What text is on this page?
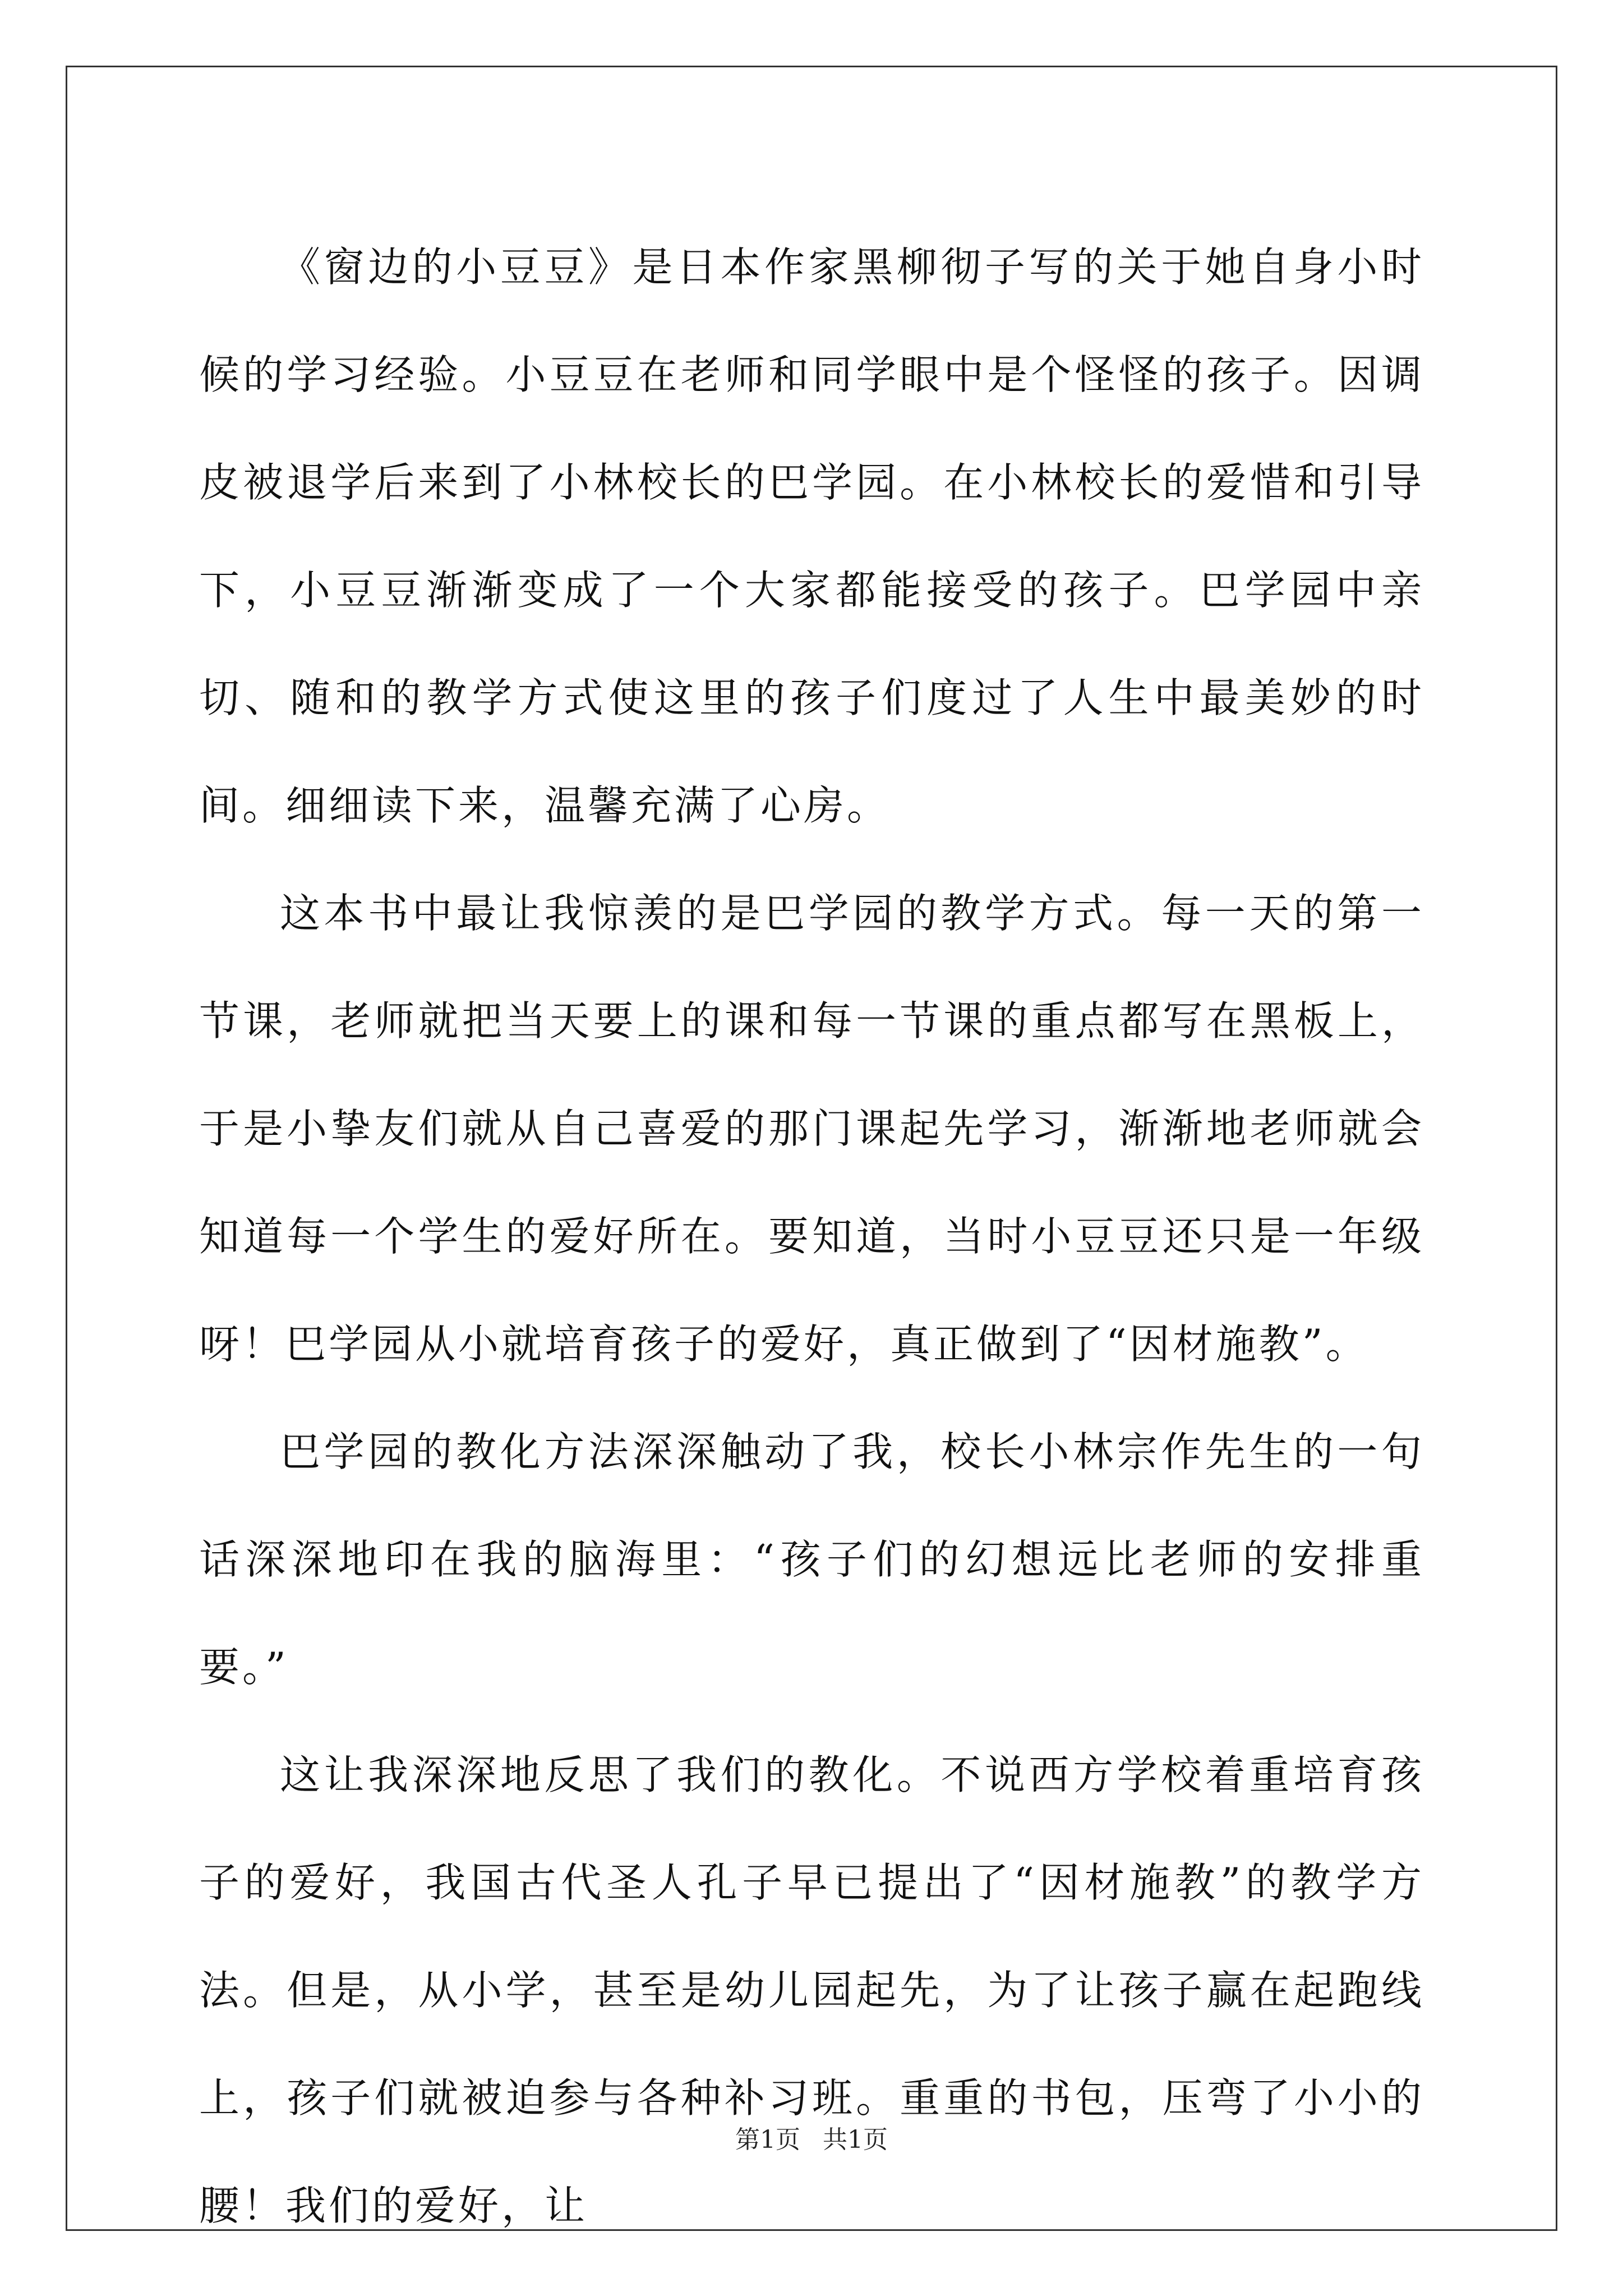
《窗边的小豆豆》是日本作家黑柳彻子写的关于她自身小时候的学习经验。小豆豆在老师和同学眼中是个怪怪的孩子。因调皮被退学后来到了小林校长的巴学园。在小林校长的爱惜和引导下，小豆豆渐渐变成了一个大家都能接受的孩子。巴学园中亲切、随和的教学方式使这里的孩子们度过了人生中最美妙的时间。细细读下来，温馨充满了心房。

这本书中最让我惊羡的是巴学园的教学方式。每一天的第一节课，老师就把当天要上的课和每一节课的重点都写在黑板上，于是小挚友们就从自己喜爱的那门课起先学习，渐渐地老师就会知道每一个学生的爱好所在。要知道，当时小豆豆还只是一年级呀！巴学园从小就培育孩子的爱好，真正做到了“因材施教”。

巴学园的教化方法深深触动了我，校长小林宗作先生的一句话深深地印在我的脑海里：“孩子们的幻想远比老师的安排重要。”

这让我深深地反思了我们的教化。不说西方学校着重培育孩子的爱好，我国古代圣人孔子早已提出了“因材施教”的教学方法。但是，从小学，甚至是幼儿园起先，为了让孩子赢在起跑线上，孩子们就被迫参与各种补习班。重重的书包，压弯了小小的腰！我们的爱好，让

第1页 共1页
